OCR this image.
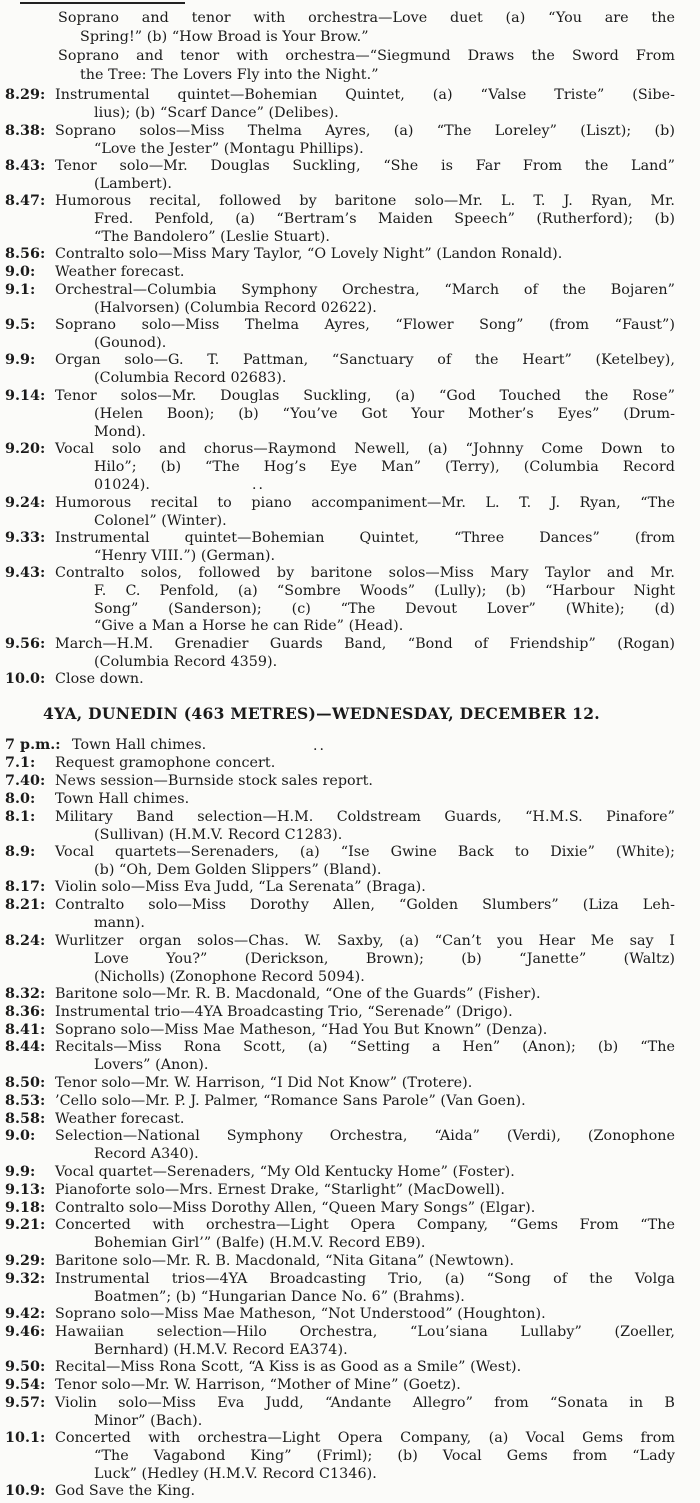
Soprano and tenor with orchestra—Love duet (a) “You are the
Spring!” (b) “How Broad is Your Brow.”
Soprano and tenor with orchestra—“Siegmund Draws the Sword From
the Tree: The Lovers Fly into the Night.”
8.29: Instrumental quintet—Bohemian Quintet, (a) “Valse Triste” (Sibe-
lius); (b) “Scarf Dance” (Delibes).
8.38: Soprano solos—Miss Thelma Ayres, (a) “The Loreley” (Liszt); (b)
“Love the Jester” (Montagu Phillips).
8.43: Tenor solo—Mr. Douglas Suckling, “She is Far From the Land”
(Lambert).
8.47: Humorous recital, followed by baritone solo—Mr. L. T. J. Ryan, Mr.
Fred. Penfold, (a) “Bertram’s Maiden Speech” (Rutherford); (b)
“The Bandolero” (Leslie Stuart).
8.56: Contralto solo—Miss Mary Taylor, “O Lovely Night” (Landon Ronald).
9.0:	Weather forecast.
9.1:	Orchestral—Columbia Symphony Orchestra, “March of the Bojaren”
(Halvorsen) (Columbia Record 02622).
9.5:	Soprano solo—Miss Thelma Ayres, “Flower Song” (from “Faust”)
(Gounod).
9.9:	Organ solo—G. T. Pattman, “Sanctuary of the Heart” (Ketelbey),
(Columbia Record 02683).
9.14: Tenor solos—Mr. Douglas Suckling, (a) “God Touched the Rose”
(Helen Boon); (b) “You’ve Got Your Mother’s Eyes” (Drum-
Mond).
9.20: Vocal solo and chorus—Raymond Newell, (a) “Johnny Come Down to
Hilo”; (b) “The Hog’s Eye Man” (Terry), (Columbia Record
01024).
9.24: Humorous recital to piano accompaniment—Mr. L. T. J. Ryan, “The
Colonel” (Winter).
9.33: Instrumental quintet—Bohemian Quintet, “Three Dances” (from
“Henry VIII.”) (German).
9.43: Contralto solos, followed by baritone solos—Miss Mary Taylor and Mr.
F. C. Penfold, (a) “Sombre Woods” (Lully); (b) “Harbour Night
Song” (Sanderson); (c) “The Devout Lover” (White); (d)
“Give a Man a Horse he can Ride” (Head).
9.56: March—H.M. Grenadier Guards Band, “Bond of Friendship” (Rogan)
(Columbia Record 4359).
10.0: Close down.
7 p.m.: Town Hall chimes.
7.1:	Request gramophone concert.
7.40: News session—Burnside stock sales report.
8.0:	Town Hall chimes.
8.1:	Military Band selection—H.M. Coldstream Guards, “H.M.S. Pinafore”
(Sullivan) (H.M.V. Record C1283).
8.9:	Vocal quartets—Serenaders, (a) “Ise Gwine Back to Dixie” (White);
(b) “Oh, Dem Golden Slippers” (Bland).
8.17: Violin solo—Miss Eva Judd, “La Serenata” (Braga).
8.21: Contralto solo—Miss Dorothy Allen, “Golden Slumbers” (Liza Leh-
mann).
8.24: Wurlitzer organ solos—Chas. W. Saxby, (a) “Can’t you Hear Me say I
Love You?” (Derickson, Brown); (b) “Janette” (Waltz)
(Nicholls) (Zonophone Record 5094).
8.32: Baritone solo—Mr. R. B. Macdonald, “One of the Guards” (Fisher).
8.36: Instrumental trio—4YA Broadcasting Trio, “Serenade” (Drigo).
8.41: Soprano solo—Miss Mae Matheson, “Had You But Known” (Denza).
8.44: Recitals—Miss Rona Scott, (a) “Setting a Hen” (Anon); (b) “The
Lovers” (Anon).
8.50: Tenor solo—Mr. W. Harrison, “I Did Not Know” (Trotere).
8.53: ’Cello solo—Mr. P. J. Palmer, “Romance Sans Parole” (Van Goen).
8.58: Weather forecast.
9.0:	Selection—National Symphony Orchestra, “Aida” (Verdi), (Zonophone
Record A340).
9.9:	Vocal quartet—Serenaders, “My Old Kentucky Home” (Foster).
9.13: Pianoforte solo—Mrs. Ernest Drake, “Starlight” (MacDowell).
9.18: Contralto solo—Miss Dorothy Allen, “Queen Mary Songs” (Elgar).
9.21: Concerted with orchestra—Light Opera Company, “Gems From “The
Bohemian Girl’” (Balfe) (H.M.V. Record EB9).
9.29: Baritone solo—Mr. R. B. Macdonald, “Nita Gitana” (Newtown).
9.32: Instrumental trios—4YA Broadcasting Trio, (a) “Song of the Volga
Boatmen”; (b) “Hungarian Dance No. 6” (Brahms).
9.42: Soprano solo—Miss Mae Matheson, “Not Understood” (Houghton).
9.46: Hawaiian selection—Hilo Orchestra, “Lou’siana Lullaby” (Zoeller,
Bernhard) (H.M.V. Record EA374).
9.50: Recital—Miss Rona Scott, “A Kiss is as Good as a Smile” (West).
9.54: Tenor solo—Mr. W. Harrison, “Mother of Mine” (Goetz).
9.57: Violin solo—Miss Eva Judd, “Andante Allegro” from “Sonata in B
Minor” (Bach).
10.1: Concerted with orchestra—Light Opera Company, (a) Vocal Gems from
“The Vagabond King” (Friml); (b) Vocal Gems from “Lady
Luck” (Hedley (H.M.V. Record C1346).
10.9: God Save the King.
4YA, DUNEDIN (463 METRES)—WEDNESDAY, DECEMBER 12.
..
..
